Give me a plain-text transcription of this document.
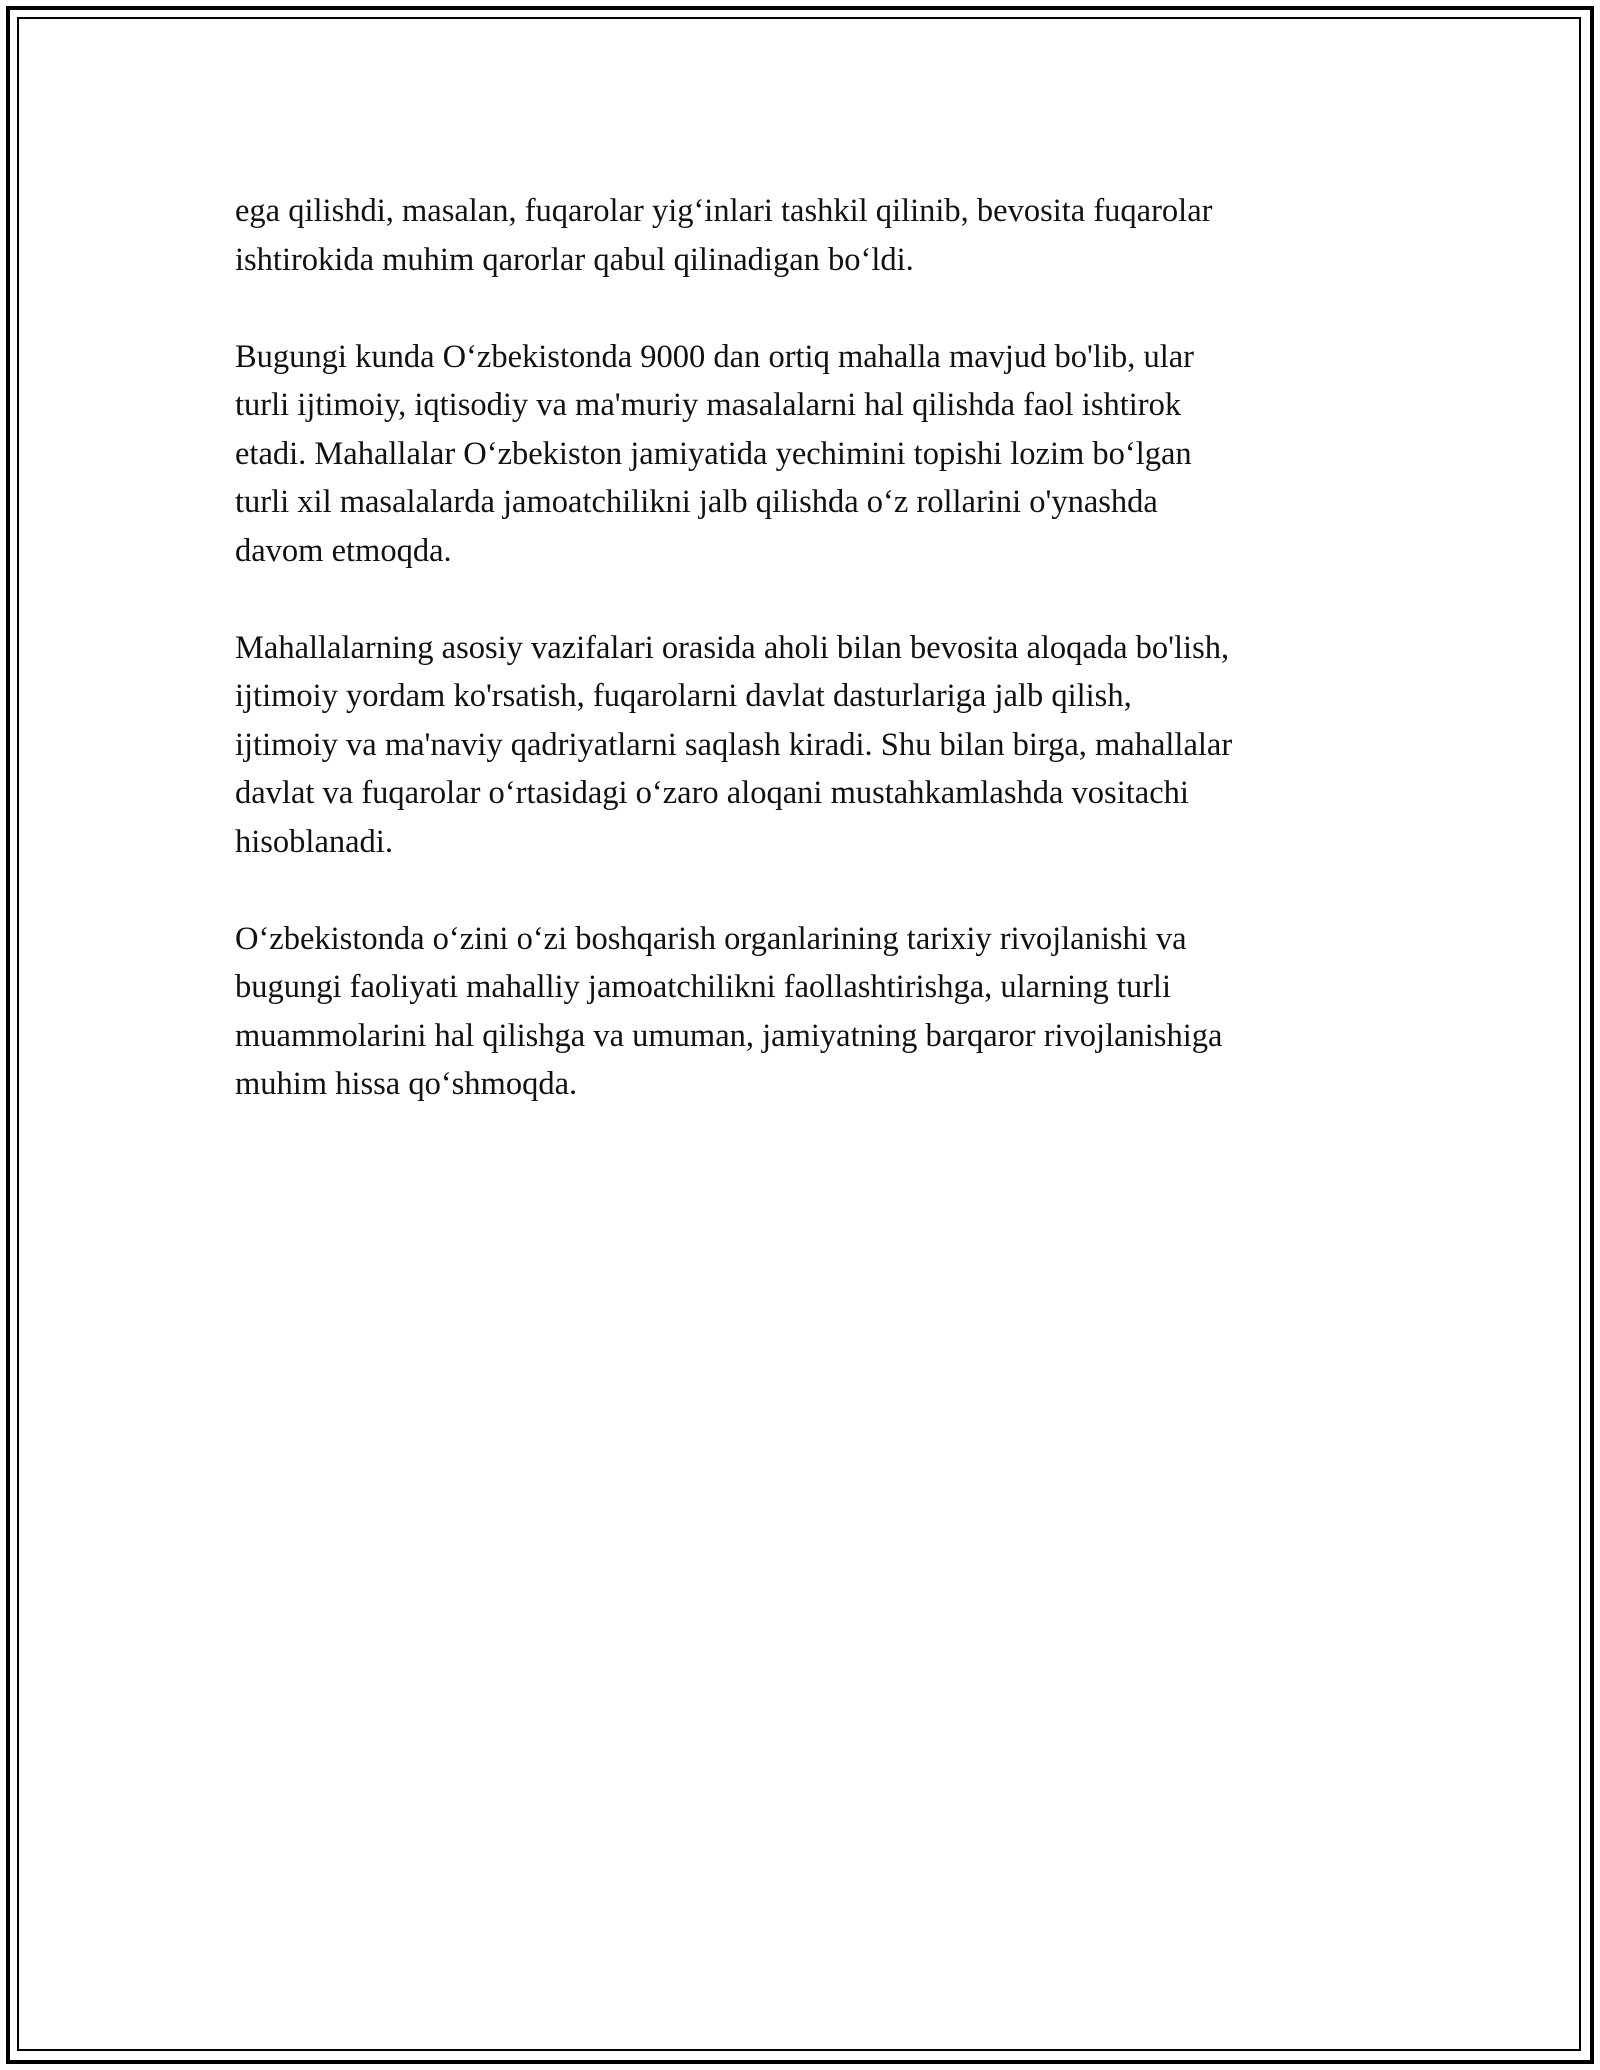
ega qilishdi, masalan, fuqarolar yig‘inlari tashkil qilinib, bevosita fuqarolar
ishtirokida muhim qarorlar qabul qilinadigan bo‘ldi.

Bugungi kunda O‘zbekistonda 9000 dan ortiq mahalla mavjud bo'lib, ular
turli ijtimoiy, iqtisodiy va ma'muriy masalalarni hal qilishda faol ishtirok
etadi. Mahallalar O‘zbekiston jamiyatida yechimini topishi lozim bo‘lgan
turli xil masalalarda jamoatchilikni jalb qilishda o‘z rollarini o'ynashda
davom etmoqda.

Mahallalarning asosiy vazifalari orasida aholi bilan bevosita aloqada bo'lish,
ijtimoiy yordam ko'rsatish, fuqarolarni davlat dasturlariga jalb qilish,
ijtimoiy va ma'naviy qadriyatlarni saqlash kiradi. Shu bilan birga, mahallalar
davlat va fuqarolar o‘rtasidagi o‘zaro aloqani mustahkamlashda vositachi
hisoblanadi.

O‘zbekistonda o‘zini o‘zi boshqarish organlarining tarixiy rivojlanishi va
bugungi faoliyati mahalliy jamoatchilikni faollashtirishga, ularning turli
muammolarini hal qilishga va umuman, jamiyatning barqaror rivojlanishiga
muhim hissa qo‘shmoqda.
